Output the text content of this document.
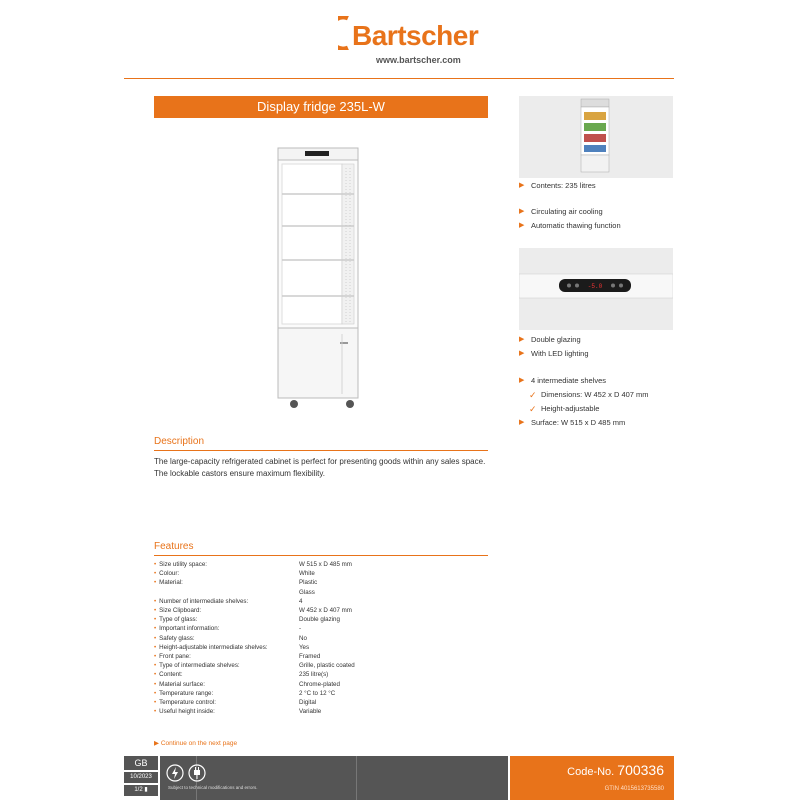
Bartscher
www.bartscher.com
Display fridge 235L-W
▶ Contents: 235 litres
▶ Circulating air cooling
▶ Automatic thawing function
-5.0
▶ Double glazing
▶ With LED lighting
▶ 4 intermediate shelves
✓ Dimensions: W 452 x D 407 mm
✓ Height-adjustable
▶ Surface: W 515 x D 485 mm
Description
The large-capacity refrigerated cabinet is perfect for presenting goods within any sales space. The lockable castors ensure maximum flexibility.
Features
• Size utility space:	W 515 x D 485 mm
• Colour:	White
• Material:	Plastic
Glass
• Number of intermediate shelves:	4
• Size Clipboard:	W 452 x D 407 mm
• Type of glass:	Double glazing
• Important information:	-
• Safety glass:	No
• Height-adjustable intermediate shelves:	Yes
• Front pane:	Framed
• Type of intermediate shelves:	Grille, plastic coated
• Content:	235 litre(s)
• Material surface:	Chrome-plated
• Temperature range:	2 °C to 12 °C
• Temperature control:	Digital
• Useful height inside:	Variable
▶ Continue on the next page
GB
10/2023
1/2 ▮	Subject to technical modifications and errors.
Code-No. 700336
GTIN 4015613735580
